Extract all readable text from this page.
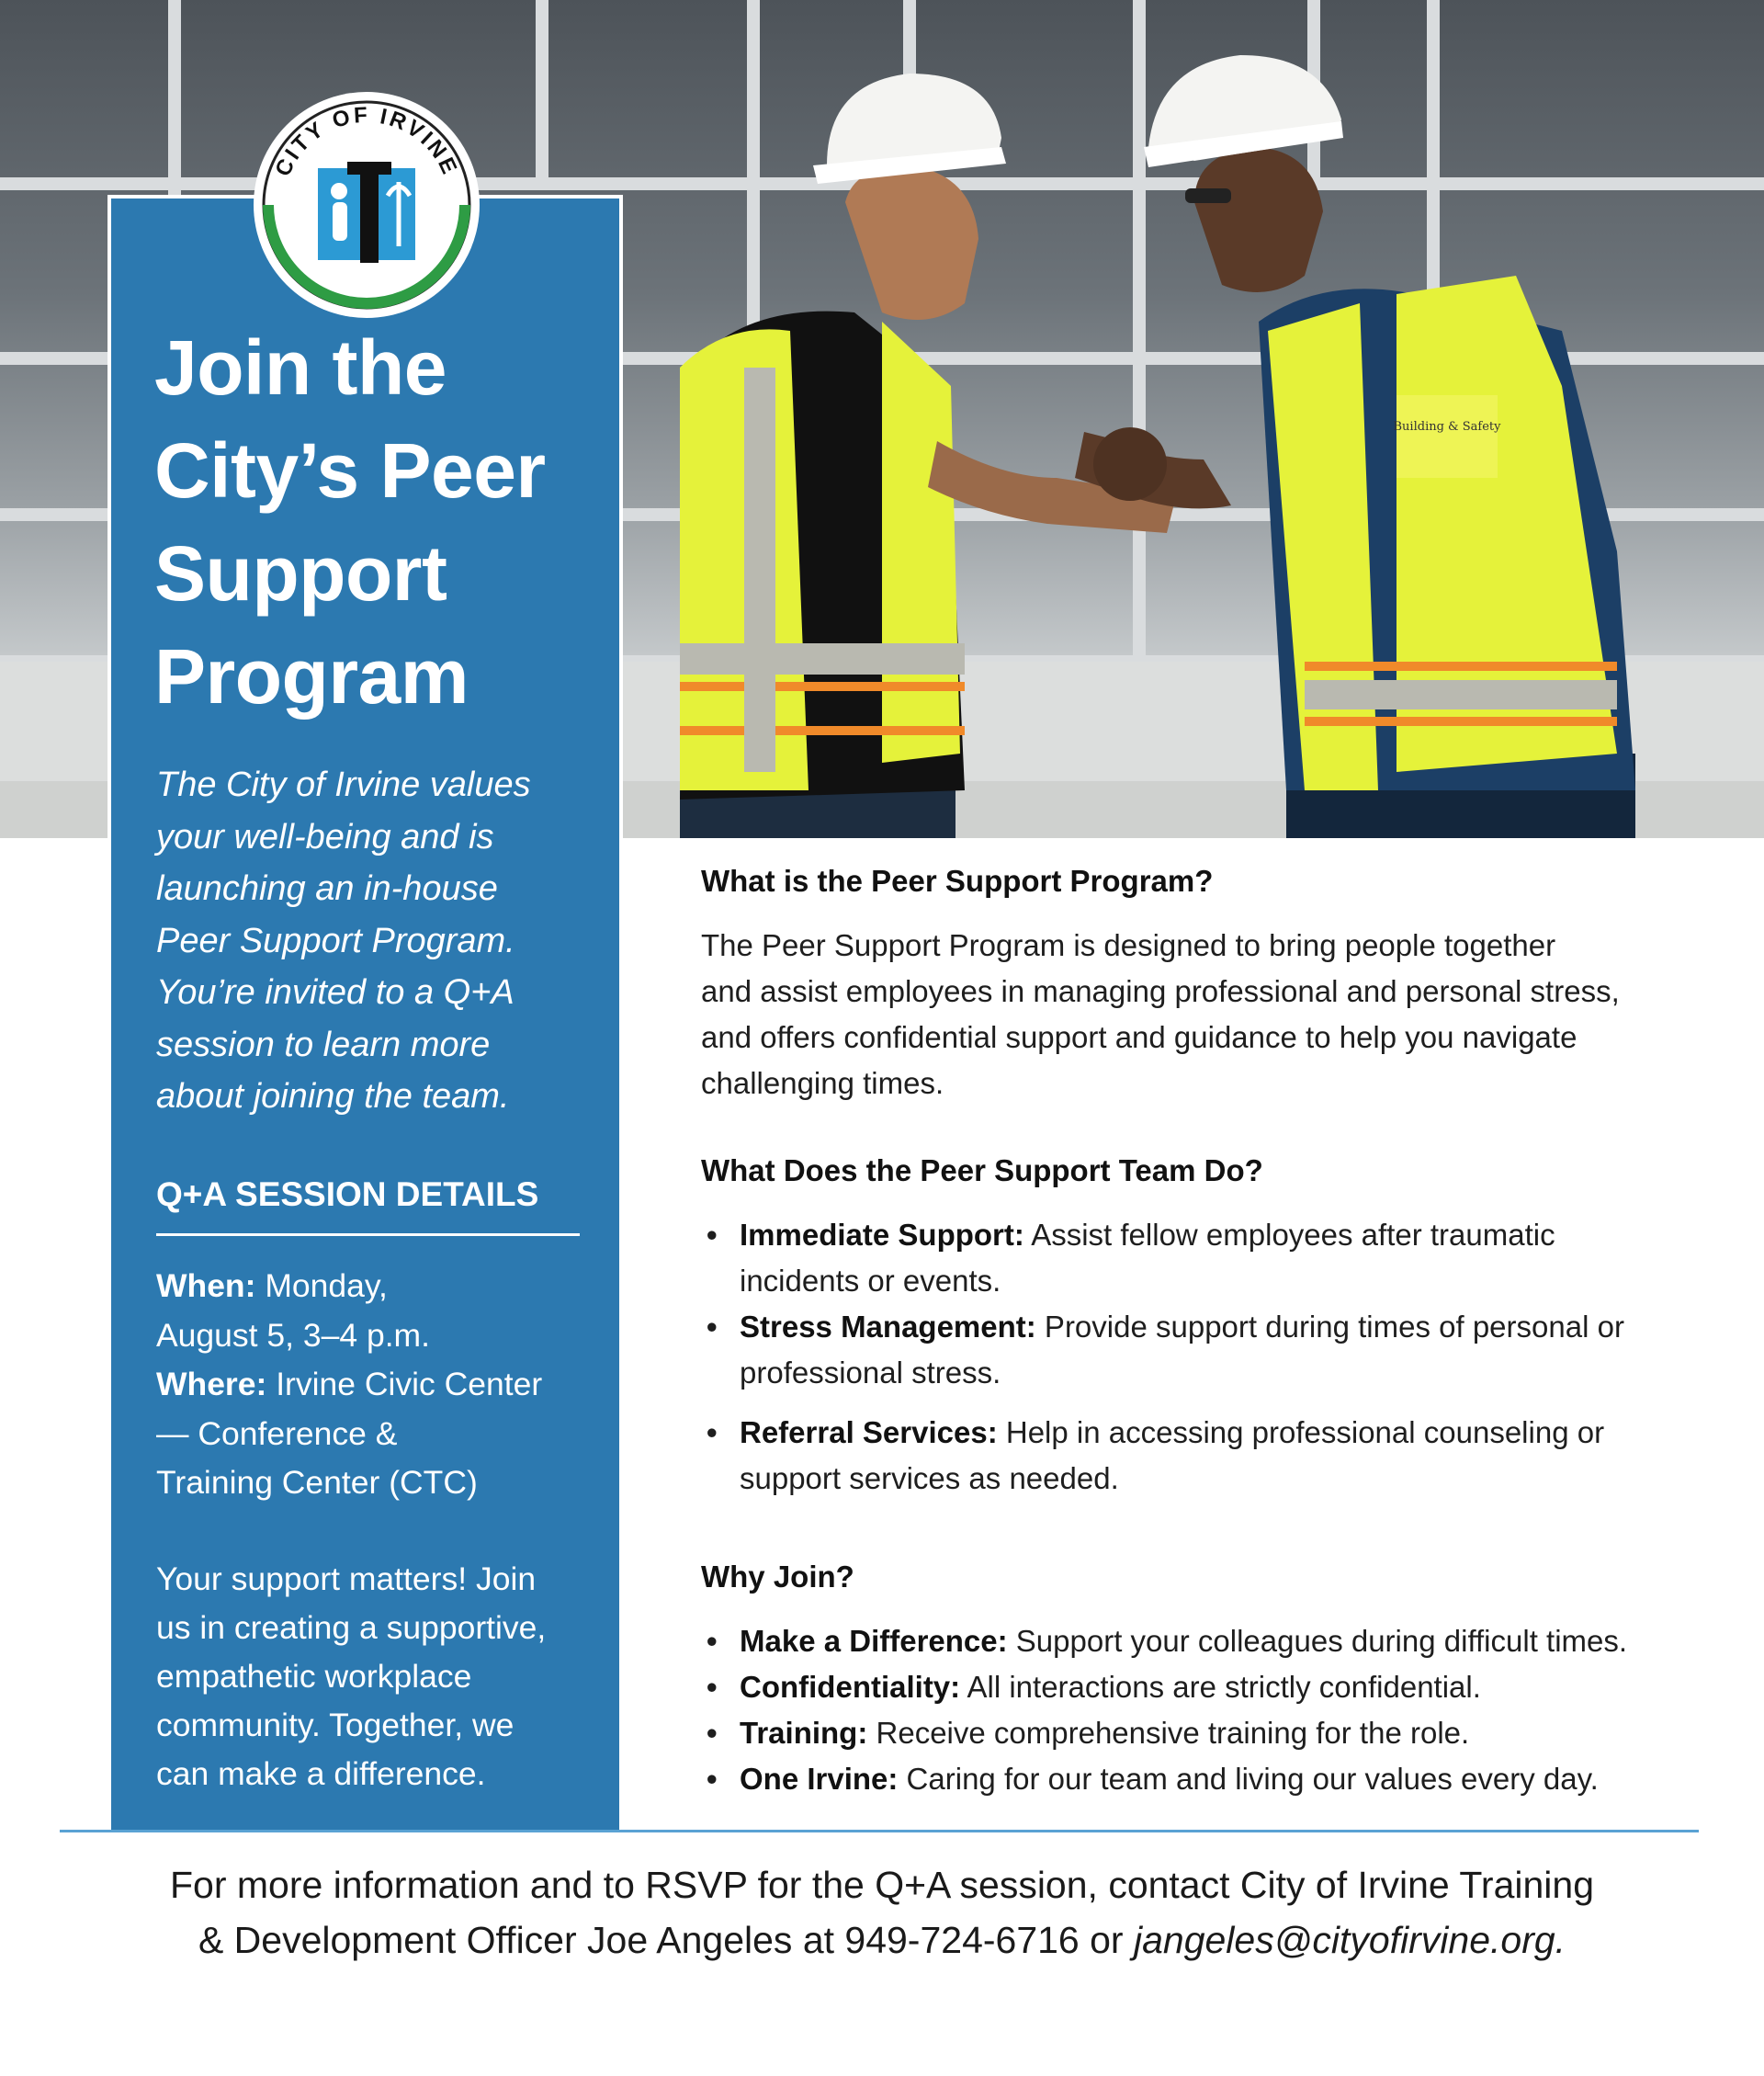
Building & Safety
CITY OF IRVINE
1971
Join the
City’s Peer
Support
Program

The City of Irvine values
your well-being and is
launching an in-house
Peer Support Program.
You’re invited to a Q+A
session to learn more
about joining the team.

Q+A SESSION DETAILS
When: Monday,
August 5, 3–4 p.m.
Where: Irvine Civic Center
— Conference &
Training Center (CTC)

Your support matters! Join
us in creating a supportive,
empathetic workplace
community. Together, we
can make a difference.

What is the Peer Support Program?

The Peer Support Program is designed to bring people together
and assist employees in managing professional and personal stress,
and offers confidential support and guidance to help you navigate
challenging times.

What Does the Peer Support Team Do?
• Immediate Support: Assist fellow employees after traumatic
incidents or events.
• Stress Management: Provide support during times of personal or
professional stress.
• Referral Services: Help in accessing professional counseling or
support services as needed.
Why Join?
• Make a Difference: Support your colleagues during difficult times.
• Confidentiality: All interactions are strictly confidential.
• Training: Receive comprehensive training for the role.
• One Irvine: Caring for our team and living our values every day.

For more information and to RSVP for the Q+A session, contact City of Irvine Training
& Development Officer Joe Angeles at 949-724-6716 or jangeles@cityofirvine.org.
